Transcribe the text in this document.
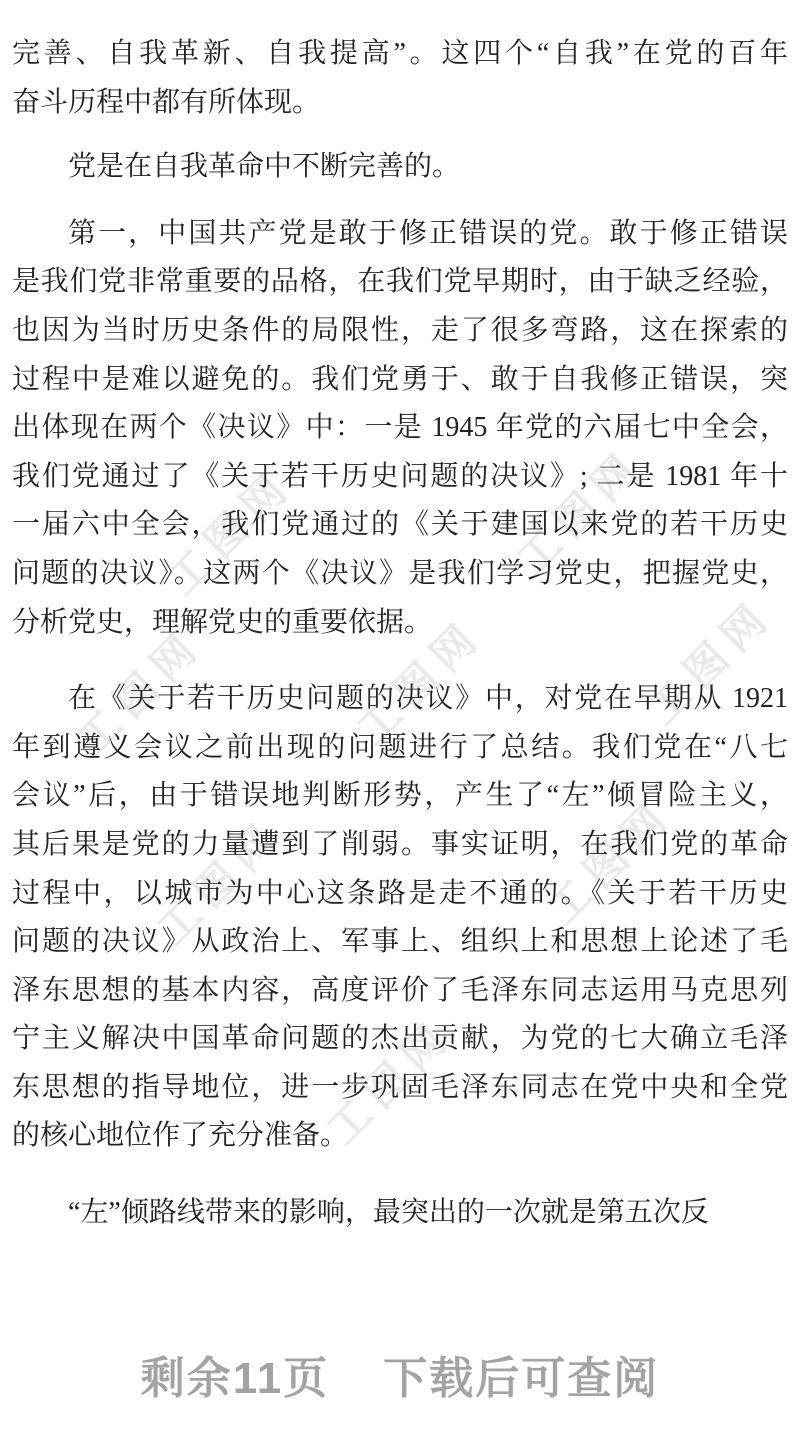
工图网	工图网
工图网	工图网	工图网
工图网	工图网
工图网
完善、自我革新、自我提高”。这四个“自我”在党的百年
奋斗历程中都有所体现。
党是在自我革命中不断完善的。
第一，中国共产党是敢于修正错误的党。敢于修正错误
是我们党非常重要的品格，在我们党早期时，由于缺乏经验，
也因为当时历史条件的局限性，走了很多弯路，这在探索的
过程中是难以避免的。我们党勇于、敢于自我修正错误，突
出体现在两个《决议》中：一是 1945 年党的六届七中全会，
我们党通过了《关于若干历史问题的决议》; 二是 1981 年十
一届六中全会，我们党通过的《关于建国以来党的若干历史
问题的决议》。这两个《决议》是我们学习党史，把握党史，
分析党史，理解党史的重要依据。
在《关于若干历史问题的决议》中，对党在早期从 1921
年到遵义会议之前出现的问题进行了总结。我们党在“八七
会议”后，由于错误地判断形势，产生了“左”倾冒险主义，
其后果是党的力量遭到了削弱。事实证明，在我们党的革命
过程中，以城市为中心这条路是走不通的。《关于若干历史
问题的决议》从政治上、军事上、组织上和思想上论述了毛
泽东思想的基本内容，高度评价了毛泽东同志运用马克思列
宁主义解决中国革命问题的杰出贡献，为党的七大确立毛泽
东思想的指导地位，进一步巩固毛泽东同志在党中央和全党
的核心地位作了充分准备。
“左”倾路线带来的影响，最突出的一次就是第五次反
剩余11页 下载后可查阅
